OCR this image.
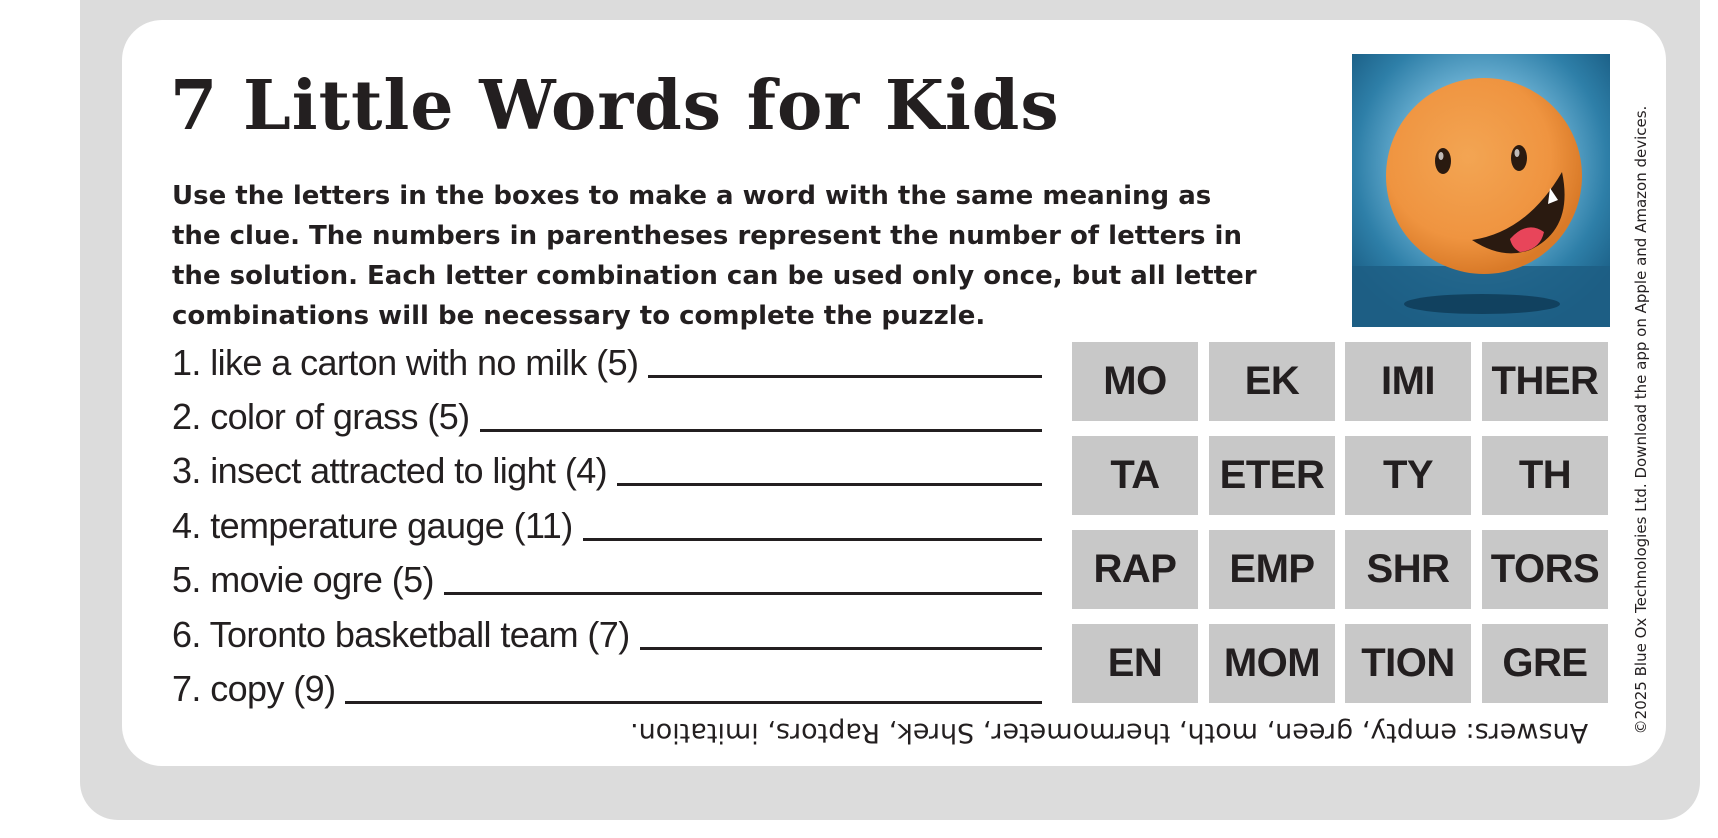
7 Little Words for Kids

Use the letters in the boxes to make a word with the same meaning as the clue. The numbers in parentheses represent the number of letters in the solution. Each letter combination can be used only once, but all letter combinations will be necessary to complete the puzzle.

1. like a carton with no milk (5)
2. color of grass (5)
3. insect attracted to light (4)
4. temperature gauge (11)
5. movie ogre (5)
6. Toronto basketball team (7)
7. copy (9)
MO	EK	IMI	THER
TA	ETER	TY	TH
RAP	EMP	SHR	TORS
EN	MOM	TION	GRE
Answers: empty, green, moth, thermometer, Shrek, Raptors, imitation.	©2025 Blue Ox Technologies Ltd. Download the app on Apple and Amazon devices.
